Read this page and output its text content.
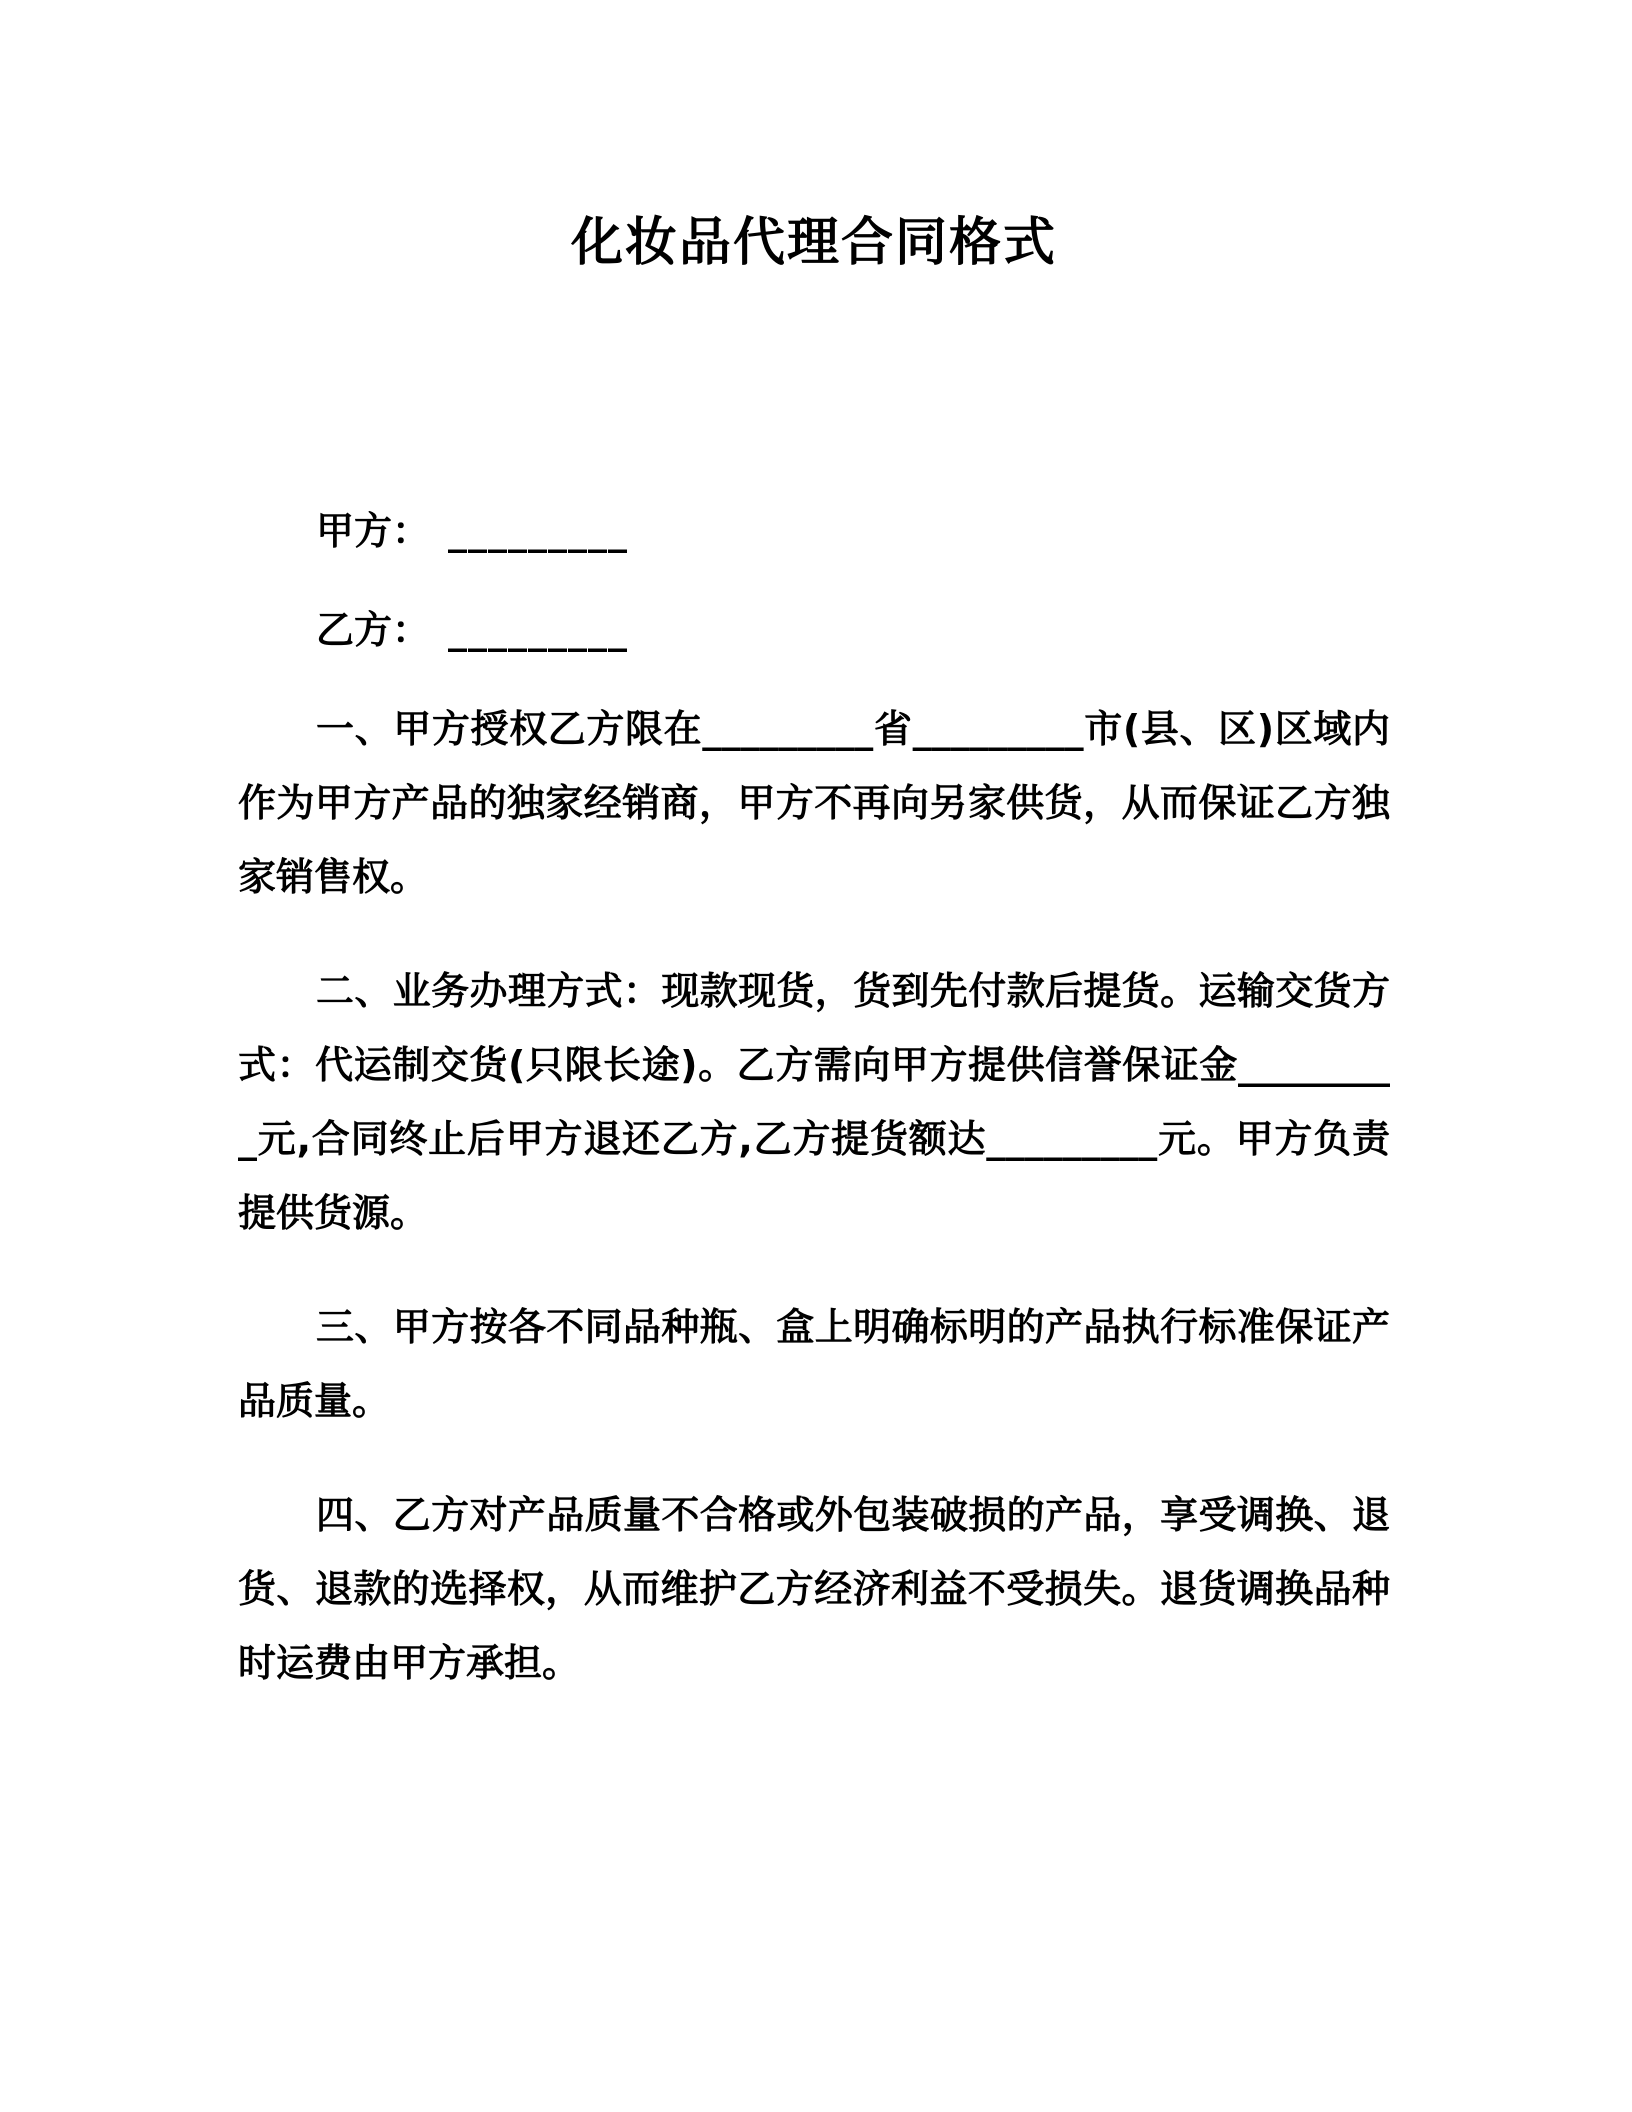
化妆品代理合同格式

甲方： _________

乙方： _________

一、甲方授权乙方限在_________省_________市(县、区)区域内作为甲方产品的独家经销商，甲方不再向另家供货，从而保证乙方独家销售权。

二、业务办理方式：现款现货，货到先付款后提货。运输交货方式：代运制交货(只限长途)。乙方需向甲方提供信誉保证金_________元,合同终止后甲方退还乙方,乙方提货额达_________元。甲方负责提供货源。

三、甲方按各不同品种瓶、盒上明确标明的产品执行标准保证产品质量。

四、乙方对产品质量不合格或外包装破损的产品，享受调换、退货、退款的选择权，从而维护乙方经济利益不受损失。退货调换品种时运费由甲方承担。
